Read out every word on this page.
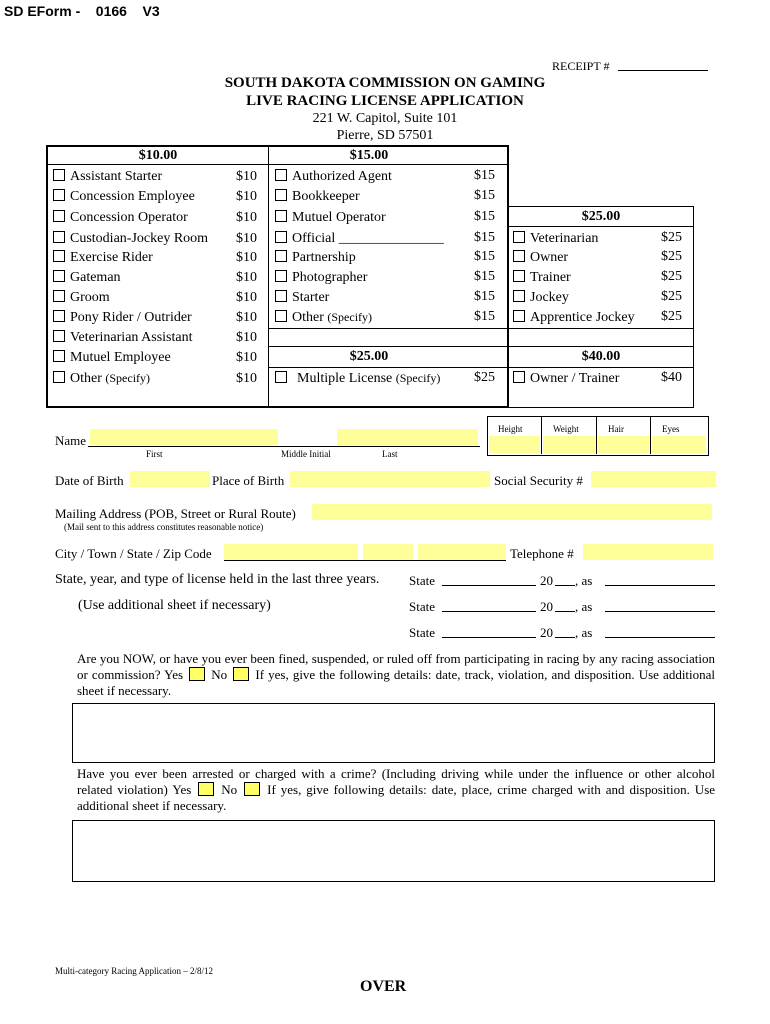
SD EForm -    0166    V3
RECEIPT #
SOUTH DAKOTA COMMISSION ON GAMING
LIVE RACING LICENSE APPLICATION
221 W. Capitol, Suite 101
Pierre, SD 57501
$10.00	$15.00
$25.00
Assistant Starter	$10
Concession Employee	$10
Concession Operator	$10
Custodian-Jockey Room $10
Exercise Rider	$10
Gateman	$10
Groom	$10
Pony Rider / Outrider	$10
Veterinarian Assistant	$10
Mutuel Employee	$10
Other (Specify)	$10
Authorized Agent	$15
Bookkeeper	$15
Mutuel Operator	$15
Official _______________ $15
Partnership	$15
Photographer	$15
Starter	$15
Other (Specify)	$15
$25.00
Multiple License (Specify) $25
Veterinarian	$25
Owner	$25
Trainer	$25
Jockey	$25
Apprentice Jockey $25
$40.00
Owner / Trainer	$40
Height	Weight	Hair	Eyes
Name
First	Middle Initial	Last
Date of Birth	Place of Birth	Social Security #
Mailing Address (POB, Street or Rural Route)
(Mail sent to this address constitutes reasonable notice)
City / Town / State / Zip Code	Telephone #
State, year, and type of license held in the last three years.
(Use additional sheet if necessary)
State	20 , as
State	20 , as
State	20 , as
Are you NOW, or have you ever been fined, suspended, or ruled off from participating in racing by any racing association or commission? Yes No If yes, give the following details: date, track, violation, and disposition. Use additional sheet if necessary.
Have you ever been arrested or charged with a crime? (Including driving while under the influence or other alcohol related violation) Yes No If yes, give following details: date, place, crime charged with and disposition. Use additional sheet if necessary.
Multi-category Racing Application – 2/8/12
OVER
